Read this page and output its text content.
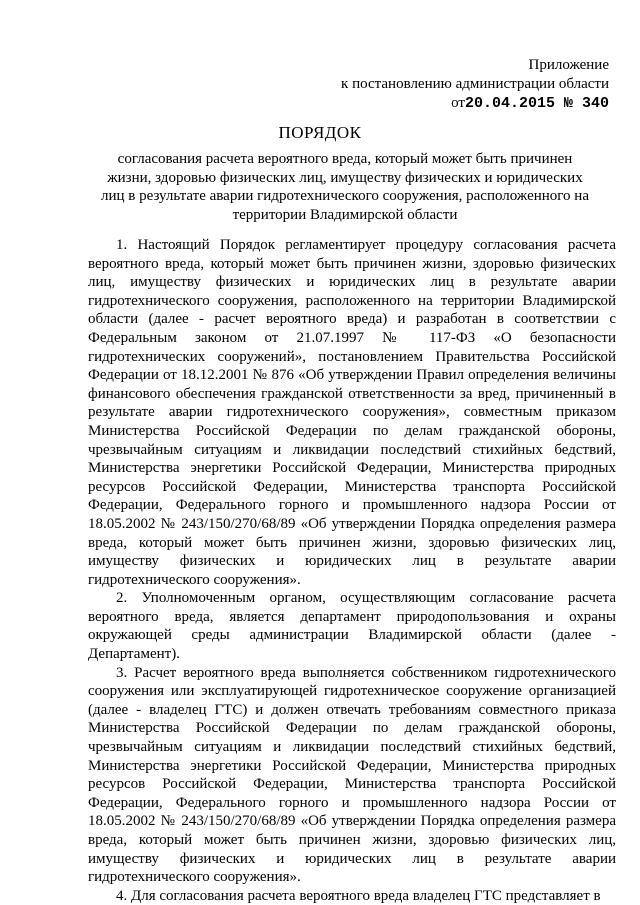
Приложение
к постановлению администрации области
от20.04.2015 № 340
ПОРЯДОК
согласования расчета вероятного вреда, который может быть причинен жизни, здоровью физических лиц, имуществу физических и юридических лиц в результате аварии гидротехнического сооружения, расположенного на территории Владимирской области

1. Настоящий Порядок регламентирует процедуру согласования расчета вероятного вреда, который может быть причинен жизни, здоровью физических лиц, имуществу физических и юридических лиц в результате аварии гидротехнического сооружения, расположенного на территории Владимирской области (далее - расчет вероятного вреда) и разработан в соответствии с Федеральным законом от 21.07.1997 № 117-ФЗ «О безопасности гидротехнических сооружений», постановлением Правительства Российской Федерации от 18.12.2001 № 876 «Об утверждении Правил определения величины финансового обеспечения гражданской ответственности за вред, причиненный в результате аварии гидротехнического сооружения», совместным приказом Министерства Российской Федерации по делам гражданской обороны, чрезвычайным ситуациям и ликвидации последствий стихийных бедствий, Министерства энергетики Российской Федерации, Министерства природных ресурсов Российской Федерации, Министерства транспорта Российской Федерации, Федерального горного и промышленного надзора России от 18.05.2002 № 243/150/270/68/89 «Об утверждении Порядка определения размера вреда, который может быть причинен жизни, здоровью физических лиц, имуществу физических и юридических лиц в результате аварии гидротехнического сооружения».

2. Уполномоченным органом, осуществляющим согласование расчета вероятного вреда, является департамент природопользования и охраны окружающей среды администрации Владимирской области (далее - Департамент).

3. Расчет вероятного вреда выполняется собственником гидротехнического сооружения или эксплуатирующей гидротехническое сооружение организацией (далее - владелец ГТС) и должен отвечать требованиям совместного приказа Министерства Российской Федерации по делам гражданской обороны, чрезвычайным ситуациям и ликвидации последствий стихийных бедствий, Министерства энергетики Российской Федерации, Министерства природных ресурсов Российской Федерации, Министерства транспорта Российской Федерации, Федерального горного и промышленного надзора России от 18.05.2002 № 243/150/270/68/89 «Об утверждении Порядка определения размера вреда, который может быть причинен жизни, здоровью физических лиц, имуществу физических и юридических лиц в результате аварии гидротехнического сооружения».

4. Для согласования расчета вероятного вреда владелец ГТС представляет в
